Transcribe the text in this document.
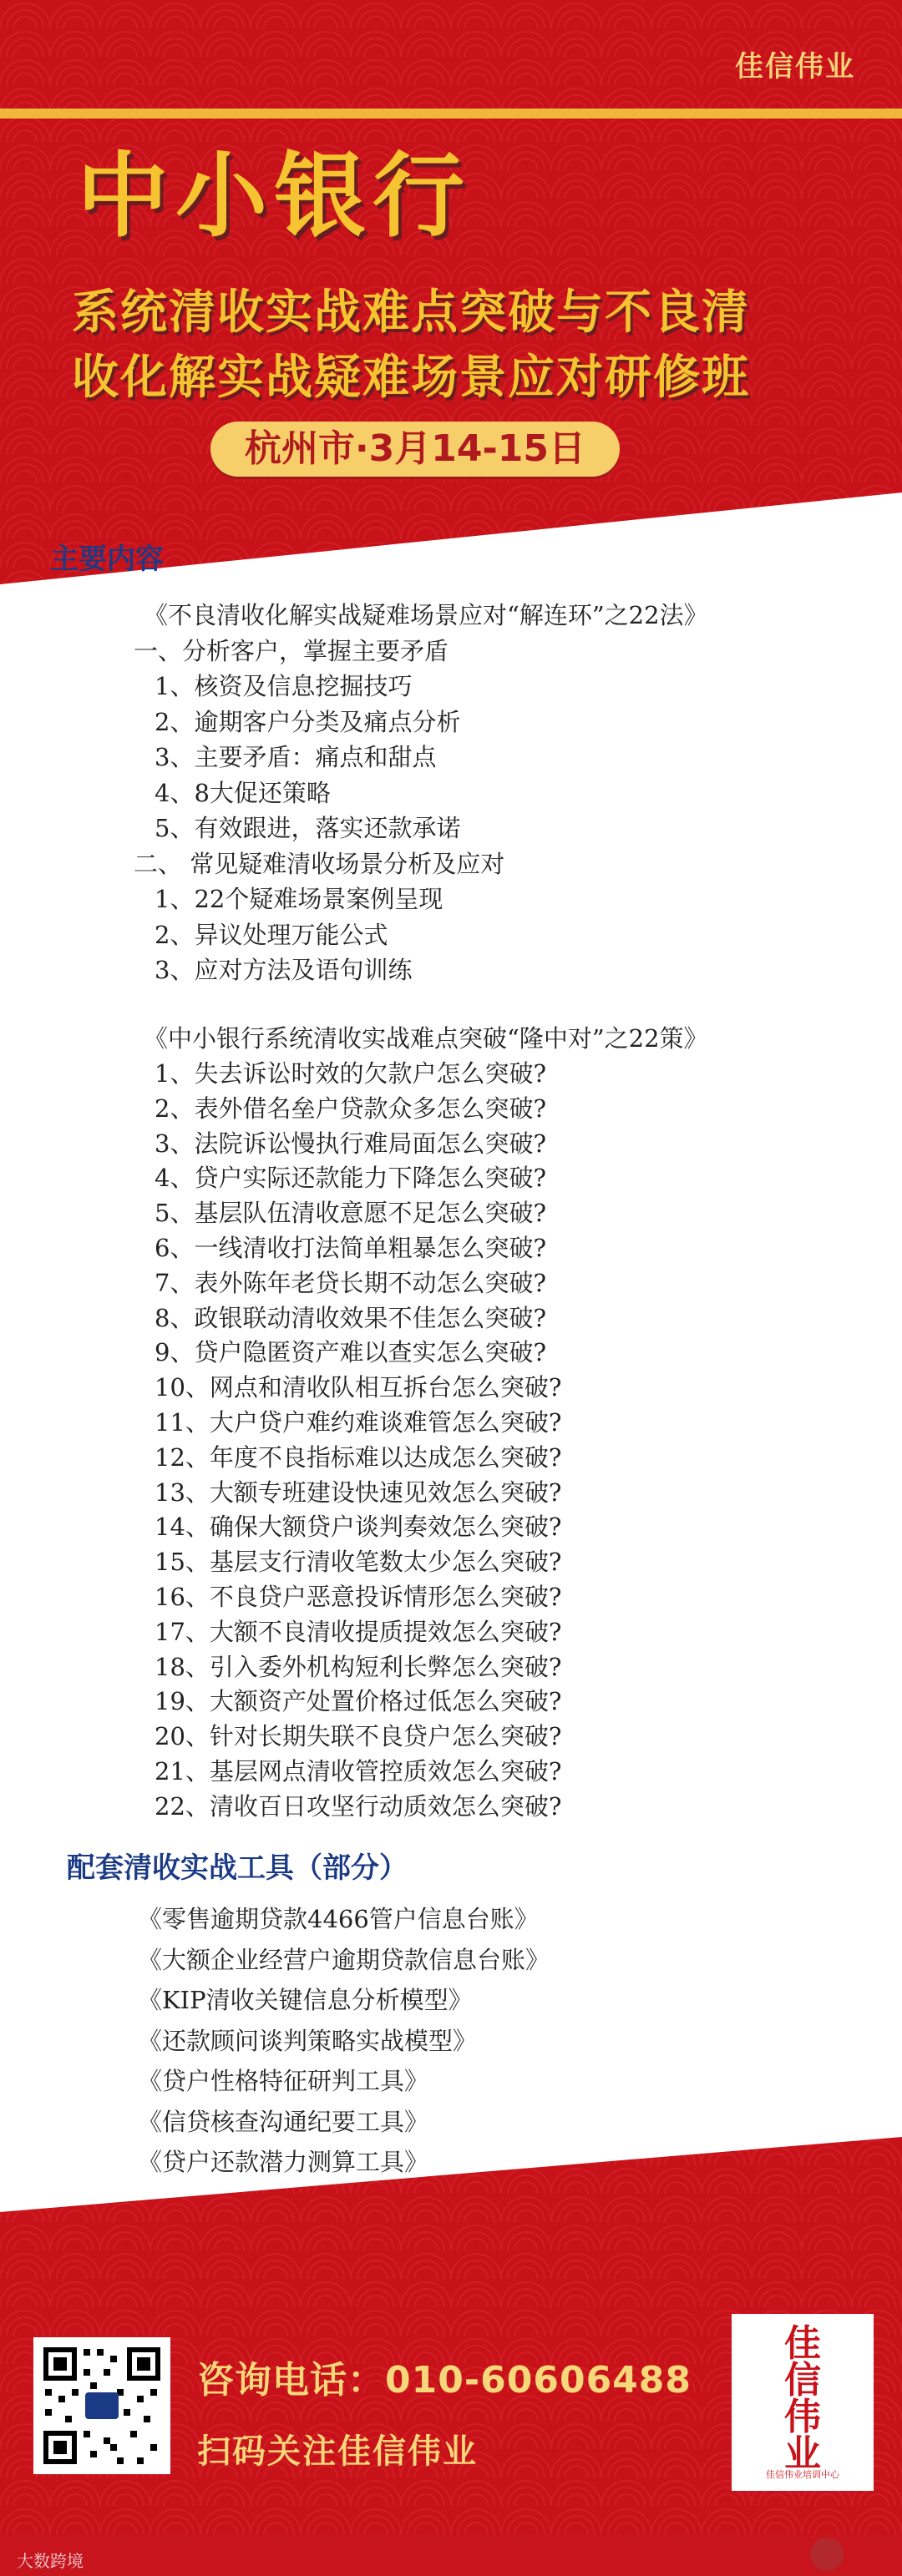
佳信伟业
中小银行
系统清收实战难点突破与不良清
收化解实战疑难场景应对研修班
杭州市·3月14-15日
主要内容

《不良清收化解实战疑难场景应对“解连环”之22法》

一、分析客户，掌握主要矛盾

1、核资及信息挖掘技巧

2、逾期客户分类及痛点分析

3、主要矛盾：痛点和甜点

4、8大促还策略

5、有效跟进，落实还款承诺

二、 常见疑难清收场景分析及应对

1、22个疑难场景案例呈现

2、异议处理万能公式

3、应对方法及语句训练

《中小银行系统清收实战难点突破“隆中对”之22策》

1、失去诉讼时效的欠款户怎么突破?

2、表外借名垒户贷款众多怎么突破?

3、法院诉讼慢执行难局面怎么突破?

4、贷户实际还款能力下降怎么突破?

5、基层队伍清收意愿不足怎么突破?

6、一线清收打法简单粗暴怎么突破?

7、表外陈年老贷长期不动怎么突破?

8、政银联动清收效果不佳怎么突破?

9、贷户隐匿资产难以查实怎么突破?

10、网点和清收队相互拆台怎么突破?

11、大户贷户难约难谈难管怎么突破?

12、年度不良指标难以达成怎么突破?

13、大额专班建设快速见效怎么突破?

14、确保大额贷户谈判奏效怎么突破?

15、基层支行清收笔数太少怎么突破?

16、不良贷户恶意投诉情形怎么突破?

17、大额不良清收提质提效怎么突破?

18、引入委外机构短利长弊怎么突破?

19、大额资产处置价格过低怎么突破?

20、针对长期失联不良贷户怎么突破?

21、基层网点清收管控质效怎么突破?

22、清收百日攻坚行动质效怎么突破?

配套清收实战工具（部分）

《零售逾期贷款4466管户信息台账》

《大额企业经营户逾期贷款信息台账》

《KIP清收关键信息分析模型》

《还款顾问谈判策略实战模型》

《贷户性格特征研判工具》

《信贷核查沟通纪要工具》

《贷户还款潜力测算工具》

咨询电话：010-60606488
扫码关注佳信伟业
佳
信
伟
业
佳信伟业培训中心
大数跨境
